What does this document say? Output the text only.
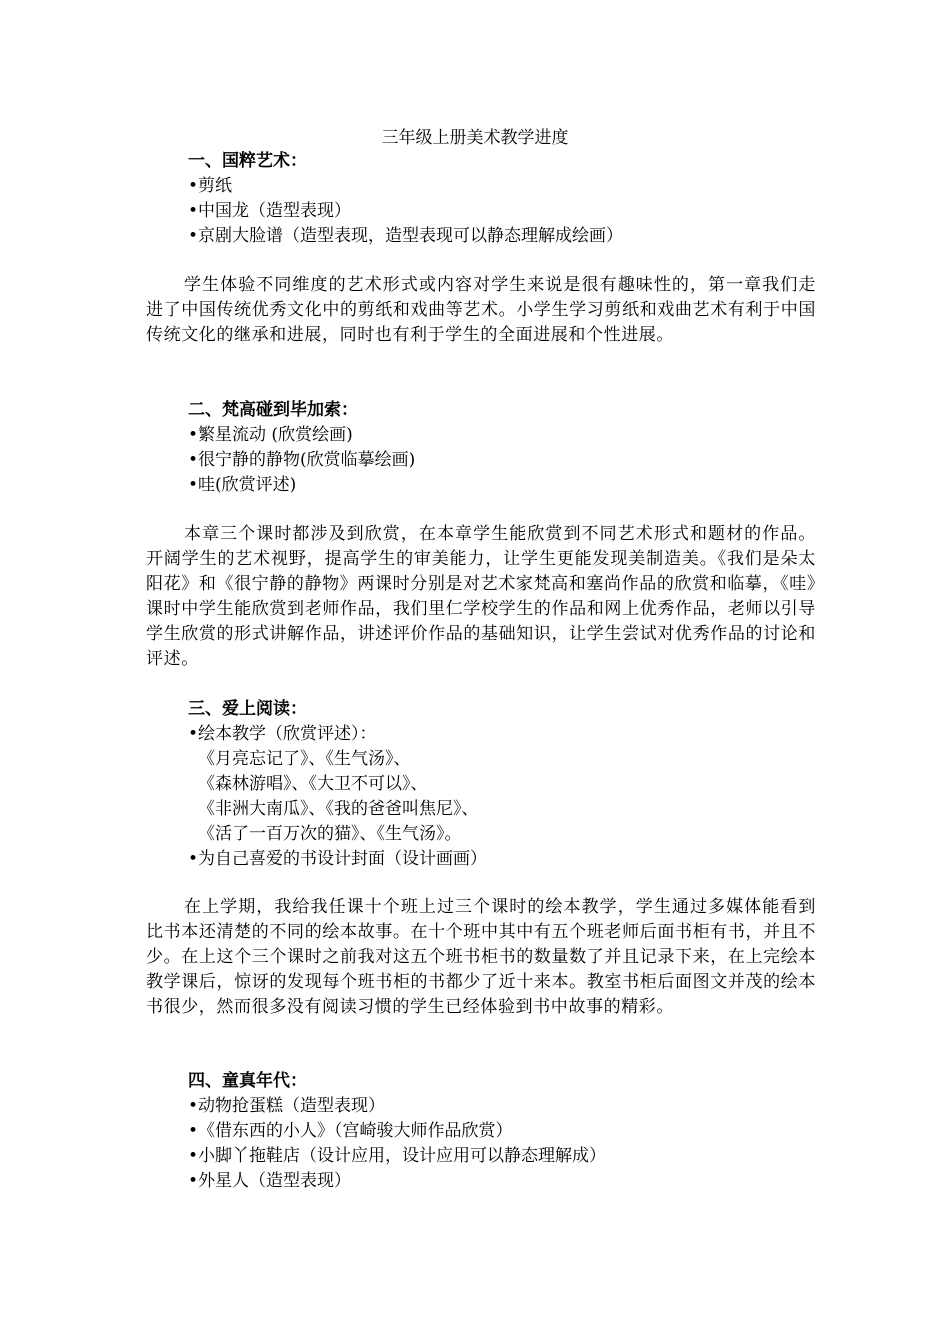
三年级上册美术教学进度
一、国粹艺术：
•剪纸
•中国龙（造型表现）
•京剧大脸谱（造型表现，造型表现可以静态理解成绘画）

学生体验不同维度的艺术形式或内容对学生来说是很有趣味性的，第一章我们走进了中国传统优秀文化中的剪纸和戏曲等艺术。小学生学习剪纸和戏曲艺术有利于中国传统文化的继承和进展，同时也有利于学生的全面进展和个性进展。

二、梵高碰到毕加索：
•繁星流动 (欣赏绘画)
•很宁静的静物(欣赏临摹绘画)
•哇(欣赏评述)

本章三个课时都涉及到欣赏，在本章学生能欣赏到不同艺术形式和题材的作品。开阔学生的艺术视野，提高学生的审美能力，让学生更能发现美制造美。《我们是朵太阳花》和《很宁静的静物》两课时分别是对艺术家梵高和塞尚作品的欣赏和临摹，《哇》课时中学生能欣赏到老师作品，我们里仁学校学生的作品和网上优秀作品，老师以引导学生欣赏的形式讲解作品，讲述评价作品的基础知识，让学生尝试对优秀作品的讨论和评述。

三、爱上阅读：
•绘本教学（欣赏评述）：
《月亮忘记了》、《生气汤》、
《森林游唱》、《大卫不可以》、
《非洲大南瓜》、《我的爸爸叫焦尼》、
《活了一百万次的猫》、《生气汤》。
•为自己喜爱的书设计封面（设计画画）

在上学期，我给我任课十个班上过三个课时的绘本教学，学生通过多媒体能看到比书本还清楚的不同的绘本故事。在十个班中其中有五个班老师后面书柜有书，并且不少。在上这个三个课时之前我对这五个班书柜书的数量数了并且记录下来，在上完绘本教学课后，惊讶的发现每个班书柜的书都少了近十来本。教室书柜后面图文并茂的绘本书很少，然而很多没有阅读习惯的学生已经体验到书中故事的精彩。

四、童真年代：
•动物抢蛋糕（造型表现）
•《借东西的小人》（宫崎骏大师作品欣赏）
•小脚丫拖鞋店（设计应用，设计应用可以静态理解成）
•外星人（造型表现）
